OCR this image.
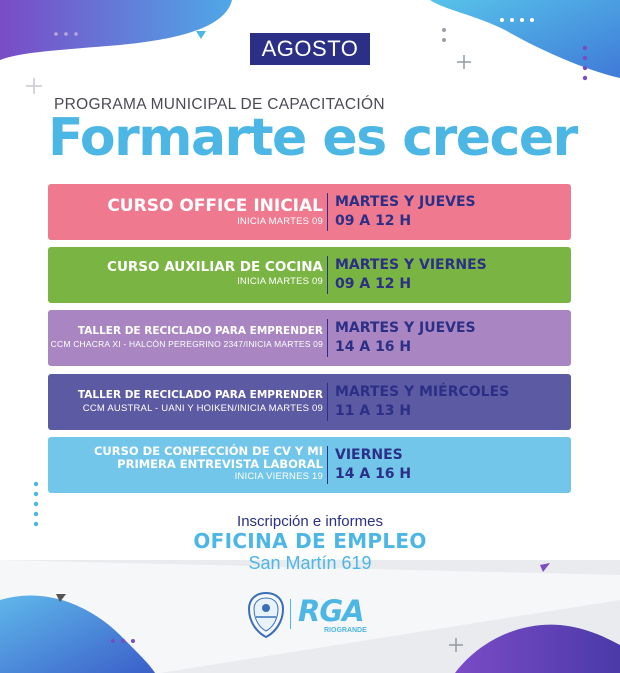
AGOSTO
PROGRAMA MUNICIPAL DE CAPACITACIÓN
Formarte es crecer
CURSO OFFICE INICIAL
INICIA MARTES 09
MARTES Y JUEVES
09 A 12 H
CURSO AUXILIAR DE COCINA
INICIA MARTES 09
MARTES Y VIERNES
09 A 12 H
TALLER DE RECICLADO PARA EMPRENDER
CCM CHACRA XI - HALCÓN PEREGRINO 2347/INICIA MARTES 09
MARTES Y JUEVES
14 A 16 H
TALLER DE RECICLADO PARA EMPRENDER
CCM AUSTRAL - UANI Y HOIKEN/INICIA MARTES 09
MARTES Y MIÉRCOLES
11 A 13 H
CURSO DE CONFECCIÓN DE CV Y MI
PRIMERA ENTREVISTA LABORAL
INICIA VIERNES 19
VIERNES
14 A 16 H
Inscripción e informes
OFICINA DE EMPLEO
San Martín 619
RGA
RIOGRANDE
